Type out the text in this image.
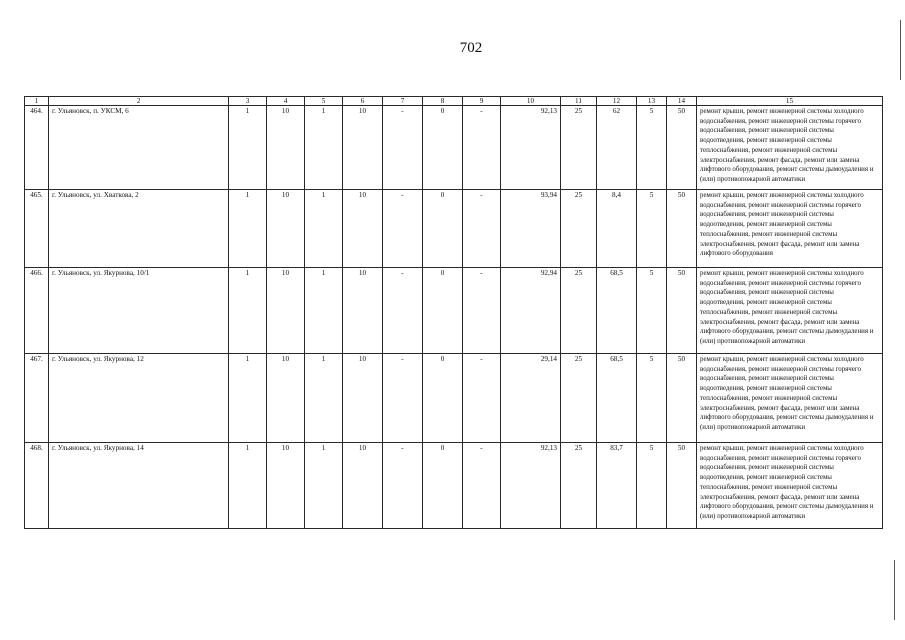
702
1	2	3	4	5	6	7	8	9	10	11	12	13	14	15
464.	г. Ульяновск, п. УКСМ, 6	1	10	1	10	-	0	-	92,13	25	62	5	50	ремонт крыши, ремонт инженерной системы холодного водоснабжения, ремонт инженерной системы горячего водоснабжения, ремонт инженерной системы водоотведения, ремонт инженерной системы теплоснабжения, ремонт инженерной системы электроснабжения, ремонт фасада, ремонт или замена лифтового оборудования, ремонт системы дымоудаления и (или) противопожарной автоматики
465.	г. Ульяновск, ул. Хваткова, 2	1	10	1	10	-	0	-	93,94	25	8,4	5	50	ремонт крыши, ремонт инженерной системы холодного водоснабжения, ремонт инженерной системы горячего водоснабжения, ремонт инженерной системы водоотведения, ремонт инженерной системы теплоснабжения, ремонт инженерной системы электроснабжения, ремонт фасада, ремонт или замена лифтового оборудования
466.	г. Ульяновск, ул. Якурнова, 10/1	1	10	1	10	-	0	-	92,94	25	68,5	5	50	ремонт крыши, ремонт инженерной системы холодного водоснабжения, ремонт инженерной системы горячего водоснабжения, ремонт инженерной системы водоотведения, ремонт инженерной системы теплоснабжения, ремонт инженерной системы электроснабжения, ремонт фасада, ремонт или замена лифтового оборудования, ремонт системы дымоудаления и (или) противопожарной автоматики
467.	г. Ульяновск, ул. Якурнова, 12	1	10	1	10	-	0	-	29,14	25	68,5	5	50	ремонт крыши, ремонт инженерной системы холодного водоснабжения, ремонт инженерной системы горячего водоснабжения, ремонт инженерной системы водоотведения, ремонт инженерной системы теплоснабжения, ремонт инженерной системы электроснабжения, ремонт фасада, ремонт или замена лифтового оборудования, ремонт системы дымоудаления и (или) противопожарной автоматики
468.	г. Ульяновск, ул. Якурнова, 14	1	10	1	10	-	0	-	92,13	25	83,7	5	50	ремонт крыши, ремонт инженерной системы холодного водоснабжения, ремонт инженерной системы горячего водоснабжения, ремонт инженерной системы водоотведения, ремонт инженерной системы теплоснабжения, ремонт инженерной системы электроснабжения, ремонт фасада, ремонт или замена лифтового оборудования, ремонт системы дымоудаления и (или) противопожарной автоматики
